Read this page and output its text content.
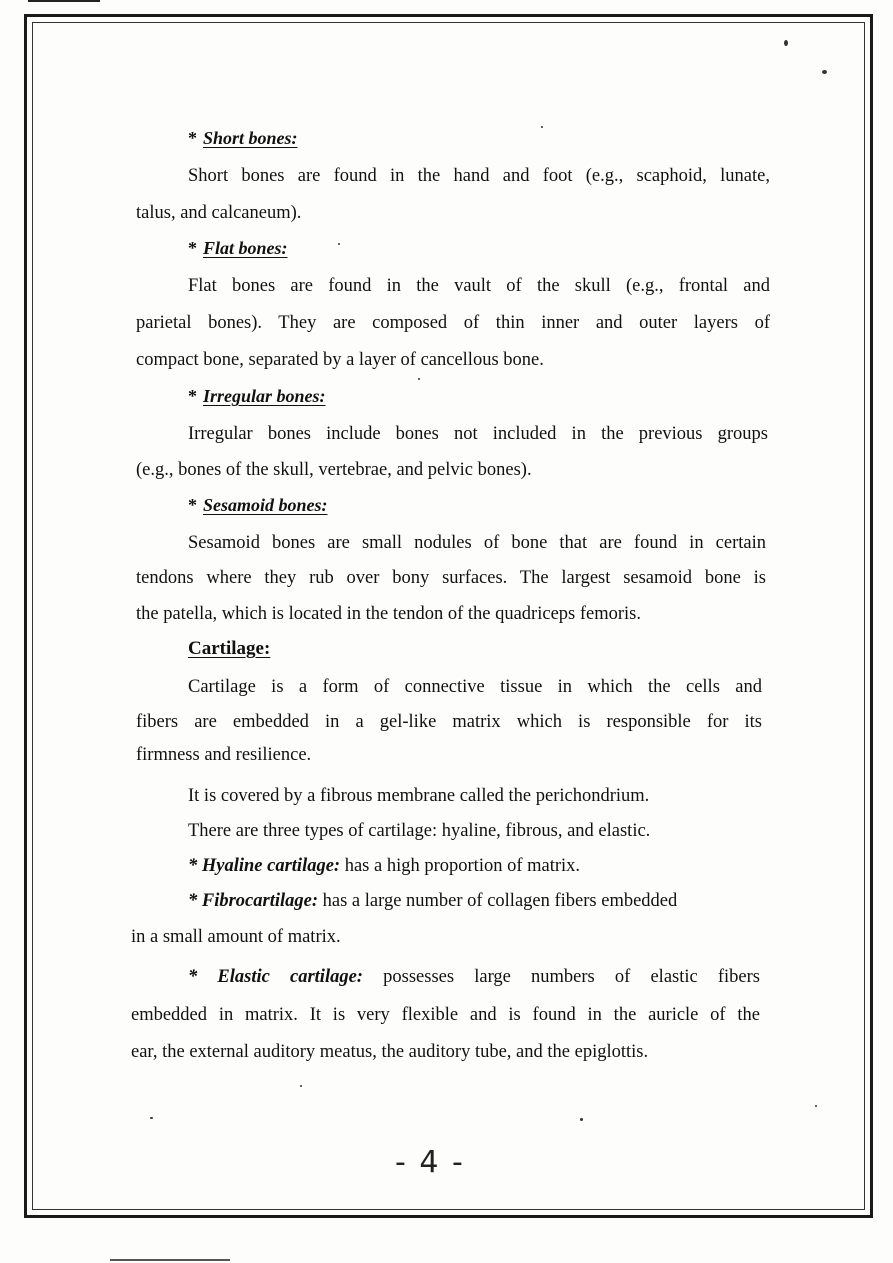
* Short bones:
Short bones are found in the hand and foot (e.g., scaphoid, lunate,
talus, and calcaneum).
* Flat bones:
Flat bones are found in the vault of the skull (e.g., frontal and
parietal bones). They are composed of thin inner and outer layers of
compact bone, separated by a layer of cancellous bone.
* Irregular bones:
Irregular bones include bones not included in the previous groups
(e.g., bones of the skull, vertebrae, and pelvic bones).
* Sesamoid bones:
Sesamoid bones are small nodules of bone that are found in certain
tendons where they rub over bony surfaces. The largest sesamoid bone is
the patella, which is located in the tendon of the quadriceps femoris.
Cartilage:
Cartilage is a form of connective tissue in which the cells and
fibers are embedded in a gel-like matrix which is responsible for its
firmness and resilience.
It is covered by a fibrous membrane called the perichondrium.
There are three types of cartilage: hyaline, fibrous, and elastic.
* Hyaline cartilage: has a high proportion of matrix.
* Fibrocartilage: has a large number of collagen fibers embedded
in a small amount of matrix.
* Elastic cartilage: possesses large numbers of elastic fibers
embedded in matrix. It is very flexible and is found in the auricle of the
ear, the external auditory meatus, the auditory tube, and the epiglottis.
- 4 -
